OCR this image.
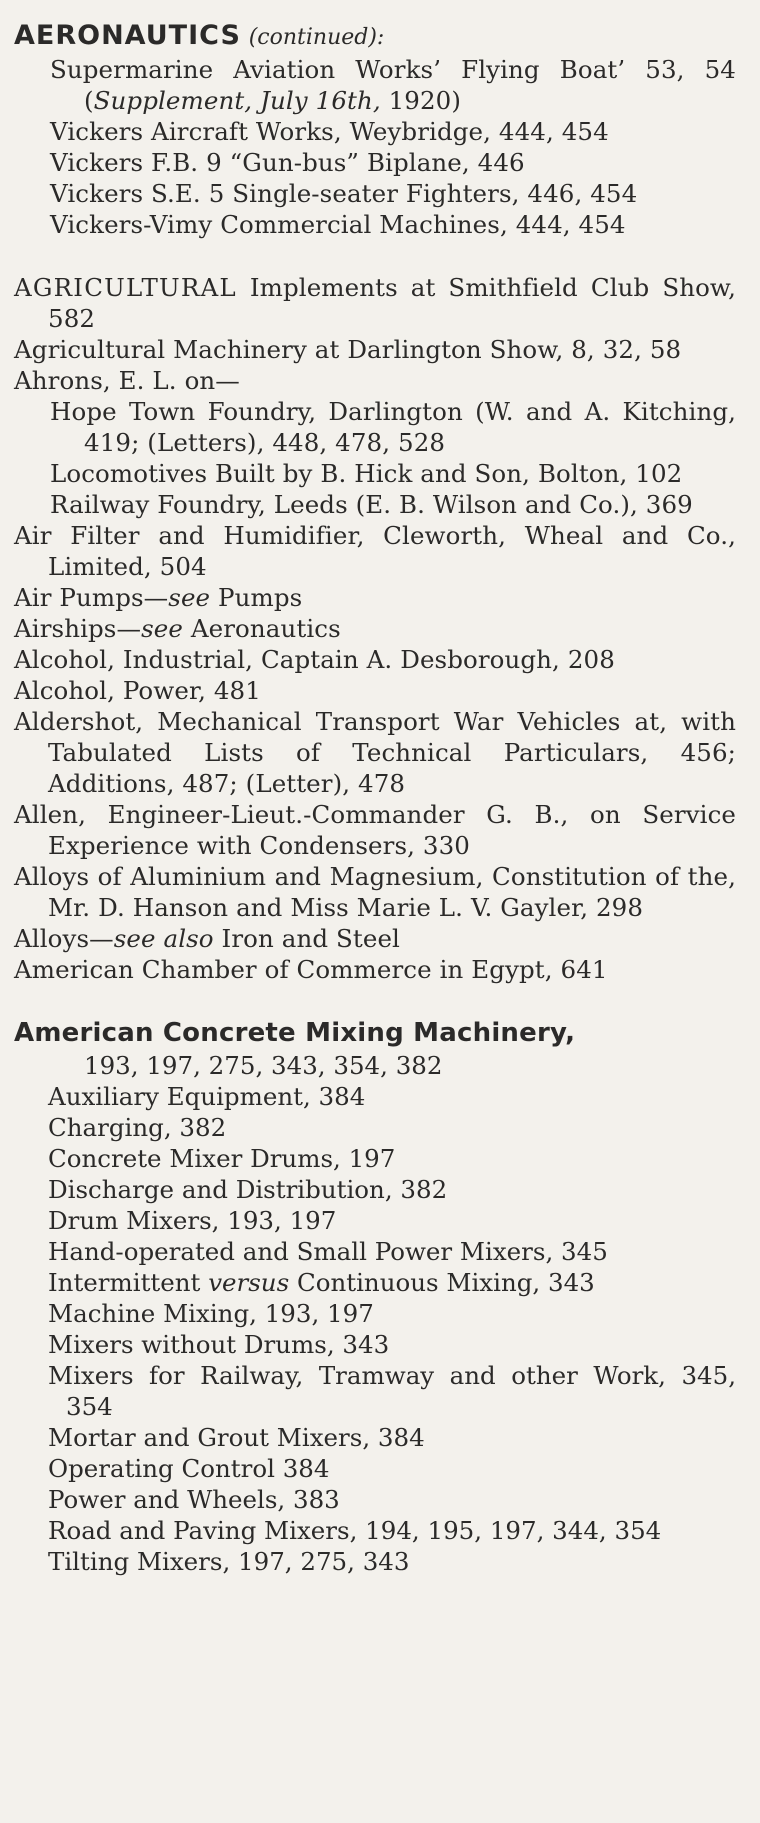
AERONAUTICS (continued):
Supermarine Aviation Works’ Flying Boat’ 53, 54 (Supplement, July 16th, 1920)
Vickers Aircraft Works, Weybridge, 444, 454
Vickers F.B. 9 “Gun-bus” Biplane, 446
Vickers S.E. 5 Single-seater Fighters, 446, 454
Vickers-Vimy Commercial Machines, 444, 454
AGRICULTURAL Implements at Smithfield Club Show, 582
Agricultural Machinery at Darlington Show, 8, 32, 58
Ahrons, E. L. on—
Hope Town Foundry, Darlington (W. and A. Kitching, 419; (Letters), 448, 478, 528
Locomotives Built by B. Hick and Son, Bolton, 102
Railway Foundry, Leeds (E. B. Wilson and Co.), 369
Air Filter and Humidifier, Cleworth, Wheal and Co., Limited, 504
Air Pumps—see Pumps
Airships—see Aeronautics
Alcohol, Industrial, Captain A. Desborough, 208
Alcohol, Power, 481
Aldershot, Mechanical Transport War Vehicles at, with Tabulated Lists of Technical Particulars, 456; Additions, 487; (Letter), 478
Allen, Engineer-Lieut.-Commander G. B., on Service Experience with Condensers, 330
Alloys of Aluminium and Magnesium, Constitution of the, Mr. D. Hanson and Miss Marie L. V. Gayler, 298
Alloys—see also Iron and Steel
American Chamber of Commerce in Egypt, 641
American Concrete Mixing Machinery,
193, 197, 275, 343, 354, 382
Auxiliary Equipment, 384
Charging, 382
Concrete Mixer Drums, 197
Discharge and Distribution, 382
Drum Mixers, 193, 197
Hand-operated and Small Power Mixers, 345
Intermittent versus Continuous Mixing, 343
Machine Mixing, 193, 197
Mixers without Drums, 343
Mixers for Railway, Tramway and other Work, 345, 354
Mortar and Grout Mixers, 384
Operating Control 384
Power and Wheels, 383
Road and Paving Mixers, 194, 195, 197, 344, 354
Tilting Mixers, 197, 275, 343
